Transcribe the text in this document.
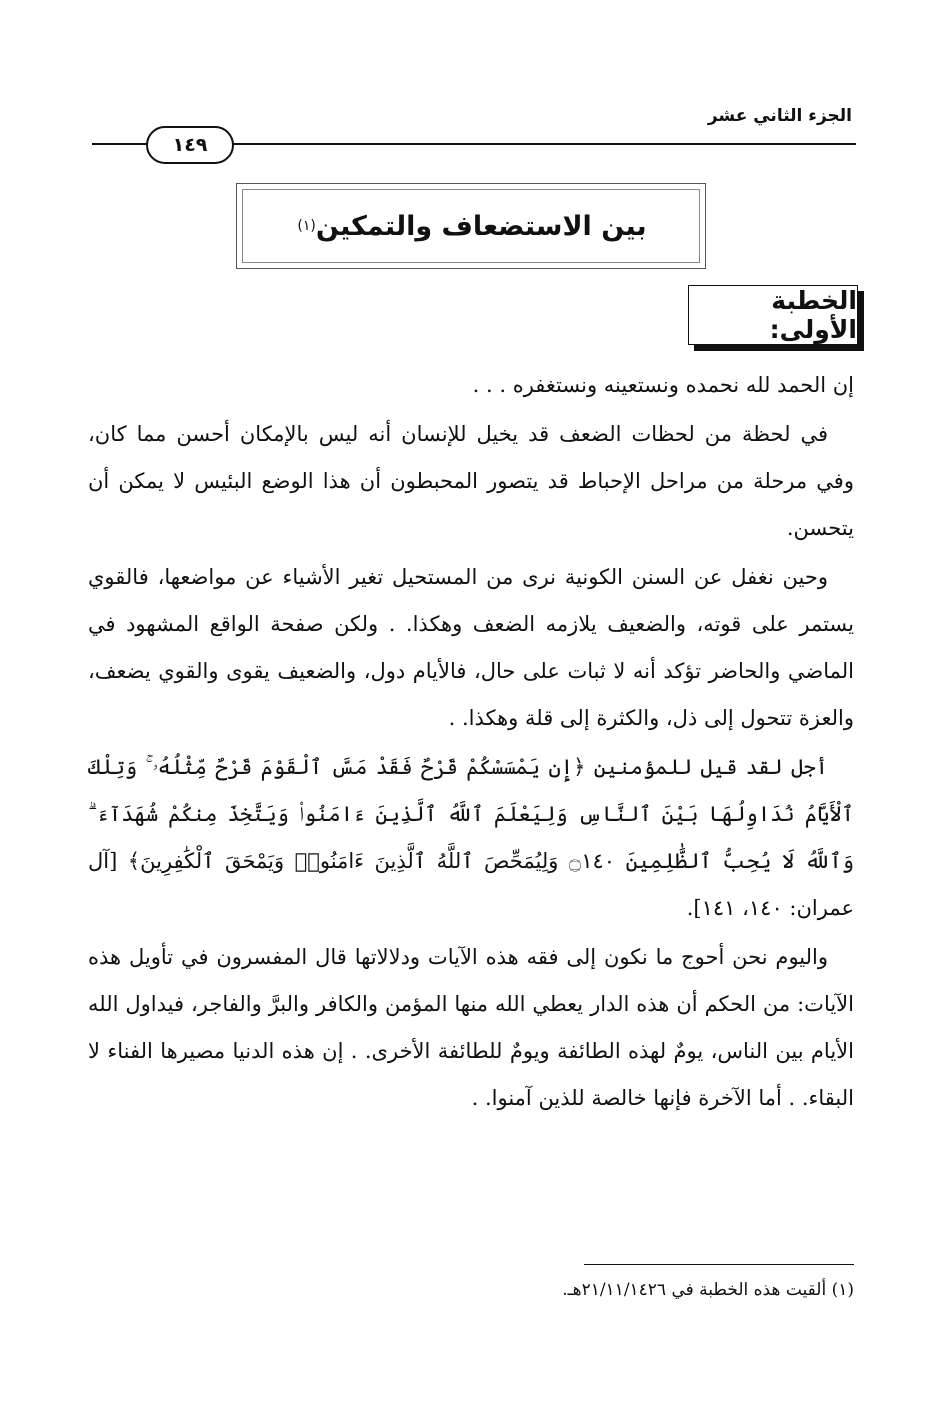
الجزء الثاني عشر
١٤٩
بين الاستضعاف والتمكين
(١)
الخطبة الأولى:

إن الحمد لله نحمده ونستعينه ونستغفره . . .

في لحظة من لحظات الضعف قد يخيل للإنسان أنه ليس بالإمكان أحسن مما كان، وفي مرحلة من مراحل الإحباط قد يتصور المحبطون أن هذا الوضع البئيس لا يمكن أن يتحسن.

وحين نغفل عن السنن الكونية نرى من المستحيل تغير الأشياء عن مواضعها، فالقوي يستمر على قوته، والضعيف يلازمه الضعف وهكذا. . ولكن صفحة الواقع المشهود في الماضي والحاضر تؤكد أنه لا ثبات على حال، فالأيام دول، والضعيف يقوى والقوي يضعف، والعزة تتحول إلى ذل، والكثرة إلى قلة وهكذا. .

أجل لقد قيل للمؤمنين ﴿إِن يَمْسَسْكُمْ قَرْحٌ فَقَدْ مَسَّ ٱلْقَوْمَ قَرْحٌ مِّثْلُهُۥ ۚ وَتِلْكَ ٱلْأَيَّامُ نُدَاوِلُهَا بَيْنَ ٱلنَّاسِ وَلِيَعْلَمَ ٱللَّهُ ٱلَّذِينَ ءَامَنُوا۟ وَيَتَّخِذَ مِنكُمْ شُهَدَآءَ ۗ وَٱللَّهُ لَا يُحِبُّ ٱلظَّٰلِمِينَ ۝١٤٠ وَلِيُمَحِّصَ ٱللَّهُ ٱلَّذِينَ ءَامَنُوا۟ وَيَمْحَقَ ٱلْكَٰفِرِينَ﴾ [آل عمران: ١٤٠، ١٤١].

واليوم نحن أحوج ما نكون إلى فقه هذه الآيات ودلالاتها قال المفسرون في تأويل هذه الآيات: من الحكم أن هذه الدار يعطي الله منها المؤمن والكافر والبرَّ والفاجر، فيداول الله الأيام بين الناس، يومٌ لهذه الطائفة ويومٌ للطائفة الأخرى. . إن هذه الدنيا مصيرها الفناء لا البقاء. . أما الآخرة فإنها خالصة للذين آمنوا. .

(١) ألقيت هذه الخطبة في ٢١/١١/١٤٢٦هـ.
